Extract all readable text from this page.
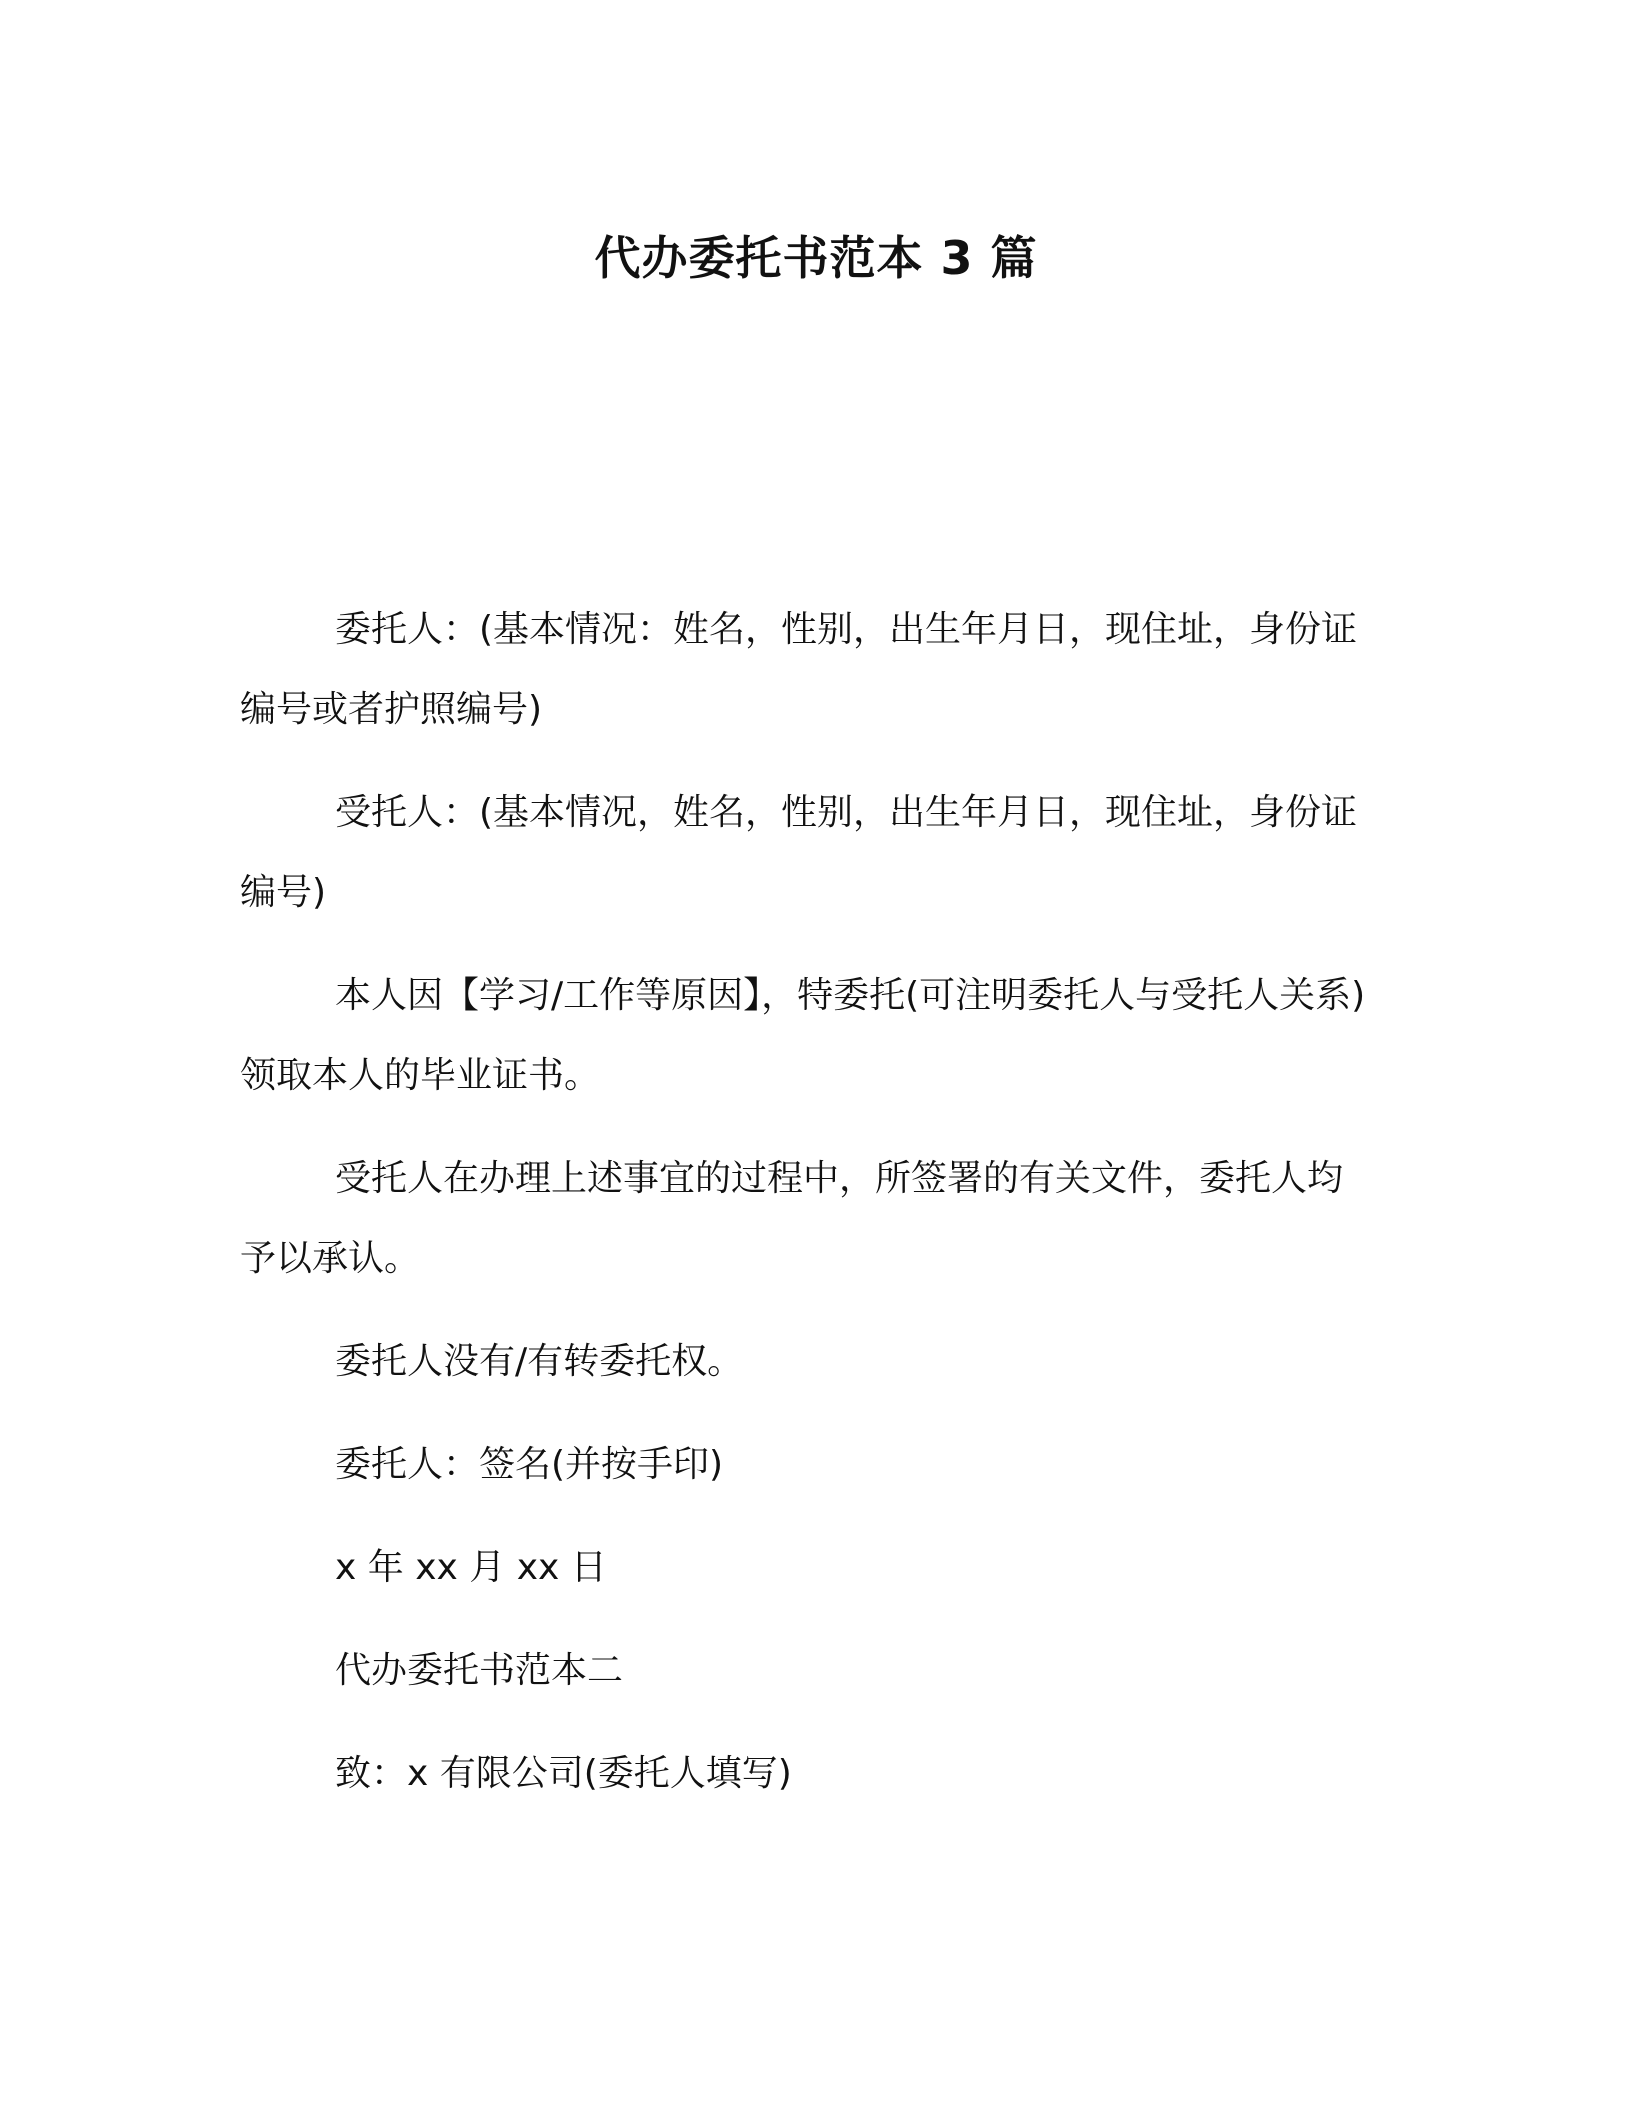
代办委托书范本 3 篇

委托人：(基本情况：姓名，性别，出生年月日，现住址，身份证编号或者护照编号)

受托人：(基本情况，姓名，性别，出生年月日，现住址，身份证编号)

本人因【学习/工作等原因】，特委托(可注明委托人与受托人关系)领取本人的毕业证书。

受托人在办理上述事宜的过程中，所签署的有关文件，委托人均予以承认。

委托人没有/有转委托权。

委托人：签名(并按手印)

x 年 xx 月 xx 日

代办委托书范本二

致：x 有限公司(委托人填写)
